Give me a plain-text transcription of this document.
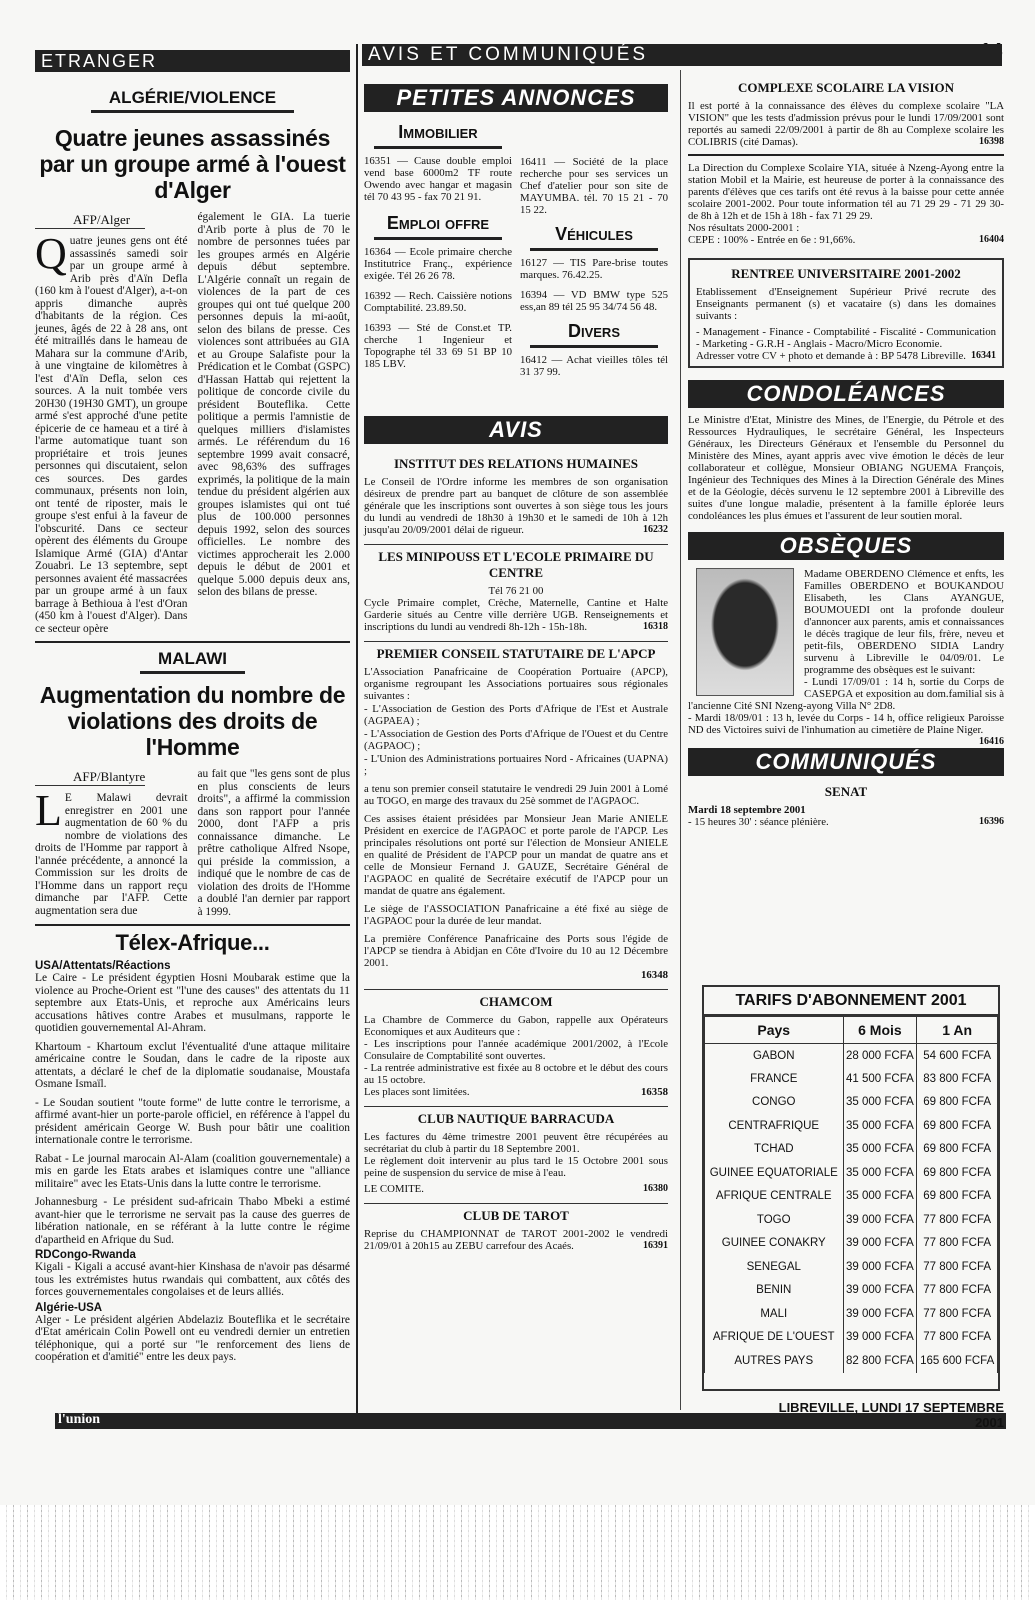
ETRANGER
ALGÉRIE/VIOLENCE
Quatre jeunes assassinés par un groupe armé à l'ouest d'Alger
AFP/Alger

Quatre jeunes gens ont été assassinés samedi soir par un groupe armé à Arib près d'Aïn Defla (160 km à l'ouest d'Alger), a-t-on appris dimanche auprès d'habitants de la région. Ces jeunes, âgés de 22 à 28 ans, ont été mitraillés dans le hameau de Mahara sur la commune d'Arib, à une vingtaine de kilomètres à l'est d'Aïn Defla, selon ces sources. A la nuit tombée vers 20H30 (19H30 GMT), un groupe armé s'est approché d'une petite épicerie de ce hameau et a tiré à l'arme automatique tuant son propriétaire et trois jeunes personnes qui discutaient, selon ces sources. Des gardes communaux, présents non loin, ont tenté de riposter, mais le groupe s'est enfui à la faveur de l'obscurité. Dans ce secteur opèrent des éléments du Groupe Islamique Armé (GIA) d'Antar Zouabri. Le 13 septembre, sept personnes avaient été massacrées par un groupe armé à un faux barrage à Bethioua à l'est d'Oran (450 km à l'ouest d'Alger). Dans ce secteur opère

également le GIA. La tuerie d'Arib porte à plus de 70 le nombre de personnes tuées par les groupes armés en Algérie depuis début septembre. L'Algérie connaît un regain de violences de la part de ces groupes qui ont tué quelque 200 personnes depuis la mi-août, selon des bilans de presse. Ces violences sont attribuées au GIA et au Groupe Salafiste pour la Prédication et le Combat (GSPC) d'Hassan Hattab qui rejettent la politique de concorde civile du président Bouteflika. Cette politique a permis l'amnistie de quelques milliers d'islamistes armés. Le référendum du 16 septembre 1999 avait consacré, avec 98,63% des suffrages exprimés, la politique de la main tendue du président algérien aux groupes islamistes qui ont tué plus de 100.000 personnes depuis 1992, selon des sources officielles. Le nombre des victimes approcherait les 2.000 depuis le début de 2001 et quelque 5.000 depuis deux ans, selon des bilans de presse.

MALAWI
Augmentation du nombre de violations des droits de l'Homme
AFP/Blantyre

L E Malawi devrait enregistrer en 2001 une augmentation de 60 % du nombre de violations des droits de l'Homme par rapport à l'année précédente, a annoncé la Commission sur les droits de l'Homme dans un rapport reçu dimanche par l'AFP. Cette augmentation sera due

au fait que "les gens sont de plus en plus conscients de leurs droits", a affirmé la commission dans son rapport pour l'année 2000, dont l'AFP a pris connaissance dimanche. Le prêtre catholique Alfred Nsope, qui préside la commission, a indiqué que le nombre de cas de violation des droits de l'Homme a doublé l'an dernier par rapport à 1999.

Télex-Afrique...
USA/Attentats/Réactions

Le Caire - Le président égyptien Hosni Moubarak estime que la violence au Proche-Orient est "l'une des causes" des attentats du 11 septembre aux Etats-Unis, et reproche aux Américains leurs accusations hâtives contre Arabes et musulmans, rapporte le quotidien gouvernemental Al-Ahram.

Khartoum - Khartoum exclut l'éventualité d'une attaque militaire américaine contre le Soudan, dans le cadre de la riposte aux attentats, a déclaré le chef de la diplomatie soudanaise, Moustafa Osmane Ismaïl.

- Le Soudan soutient "toute forme" de lutte contre le terrorisme, a affirmé avant-hier un porte-parole officiel, en référence à l'appel du président américain George W. Bush pour bâtir une coalition internationale contre le terrorisme.

Rabat - Le journal marocain Al-Alam (coalition gouvernementale) a mis en garde les Etats arabes et islamiques contre une "alliance militaire" avec les Etats-Unis dans la lutte contre le terrorisme.

Johannesburg - Le président sud-africain Thabo Mbeki a estimé avant-hier que le terrorisme ne servait pas la cause des guerres de libération nationale, en se référant à la lutte contre le régime d'apartheid en Afrique du Sud.

RDCongo-Rwanda

Kigali - Kigali a accusé avant-hier Kinshasa de n'avoir pas désarmé tous les extrémistes hutus rwandais qui combattent, aux côtés des forces gouvernementales congolaises et de leurs alliés.

Algérie-USA

Alger - Le président algérien Abdelaziz Bouteflika et le secrétaire d'Etat américain Colin Powell ont eu vendredi dernier un entretien téléphonique, qui a porté sur "le renforcement des liens de coopération et d'amitié" entre les deux pays.

AVIS ET COMMUNIQUÉS
PETITES ANNONCES
Immobilier

16351 — Cause double emploi vend base 6000m2 TF route Owendo avec hangar et magasin tél 70 43 95 - fax 70 21 91.

Emploi offre

16364 — Ecole primaire cherche Institutrice Franç., expérience exigée. Tél 26 26 78.

16392 — Rech. Caissière notions Comptabilité. 23.89.50.

16393 — Sté de Const.et TP. cherche 1 Ingenieur et Topographe tél 33 69 51 BP 10 185 LBV.

16411 — Société de la place recherche pour ses services un Chef d'atelier pour son site de MAYUMBA. tél. 70 15 21 - 70 15 22.

Véhicules

16127 — TIS Pare-brise toutes marques. 76.42.25.

16394 — VD BMW type 525 ess,an 89 tél 25 95 34/74 56 48.

Divers

16412 — Achat vieilles tôles tél 31 37 99.

AVIS
INSTITUT DES RELATIONS HUMAINES

Le Conseil de l'Ordre informe les membres de son organisation désireux de prendre part au banquet de clôture de son assemblée générale que les inscriptions sont ouvertes à son siège tous les jours du lundi au vendredi de 18h30 à 19h30 et le samedi de 10h à 12h jusqu'au 20/09/2001 délai de rigueur.	16232

LES MINIPOUSS ET L'ECOLE PRIMAIRE DU CENTRE
Tél 76 21 00

Cycle Primaire complet, Crèche, Maternelle, Cantine et Halte Garderie situés au Centre ville derrière UGB. Renseignements et inscriptions du lundi au vendredi 8h-12h - 15h-18h.	16318

PREMIER CONSEIL STATUTAIRE DE L'APCP

L'Association Panafricaine de Coopération Portuaire (APCP), organisme regroupant les Associations portuaires sous régionales suivantes :

- L'Association de Gestion des Ports d'Afrique de l'Est et Australe (AGPAEA) ;

- L'Association de Gestion des Ports d'Afrique de l'Ouest et du Centre (AGPAOC) ;

- L'Union des Administrations portuaires Nord - Africaines (UAPNA) ;

a tenu son premier conseil statutaire le vendredi 29 Juin 2001 à Lomé au TOGO, en marge des travaux du 25è sommet de l'AGPAOC.

Ces assises étaient présidées par Monsieur Jean Marie ANIELE Président en exercice de l'AGPAOC et porte parole de l'APCP. Les principales résolutions ont porté sur l'élection de Monsieur ANIELE en qualité de Président de l'APCP pour un mandat de quatre ans et celle de Monsieur Fernand J. GAUZE, Secrétaire Général de l'AGPAOC en qualité de Secrétaire exécutif de l'APCP pour un mandat de quatre ans également.

Le siège de l'ASSOCIATION Panafricaine a été fixé au siège de l'AGPAOC pour la durée de leur mandat.

La première Conférence Panafricaine des Ports sous l'égide de l'APCP se tiendra à Abidjan en Côte d'Ivoire du 10 au 12 Décembre 2001.

16348
CHAMCOM

La Chambre de Commerce du Gabon, rappelle aux Opérateurs Economiques et aux Auditeurs que :

- Les inscriptions pour l'année académique 2001/2002, à l'Ecole Consulaire de Comptabilité sont ouvertes.

- La rentrée administrative est fixée au 8 octobre et le début des cours au 15 octobre.

Les places sont limitées.	16358
CLUB NAUTIQUE BARRACUDA

Les factures du 4ème trimestre 2001 peuvent être récupérées au secrétariat du club à partir du 18 Septembre 2001.

Le règlement doit intervenir au plus tard le 15 Octobre 2001 sous peine de suspension du service de mise à l'eau.

LE COMITE.	16380
CLUB DE TAROT

Reprise du CHAMPIONNAT de TAROT 2001-2002 le vendredi 21/09/01 à 20h15 au ZEBU carrefour des Acaés.	16391

COMPLEXE SCOLAIRE LA VISION

Il est porté à la connaissance des élèves du complexe scolaire "LA VISION" que les tests d'admission prévus pour le lundi 17/09/2001 sont reportés au samedi 22/09/2001 à partir de 8h au Complexe scolaire les COLIBRIS (cité Damas).	16398

La Direction du Complexe Scolaire YIA, située à Nzeng-Ayong entre la station Mobil et la Mairie, est heureuse de porter à la connaissance des parents d'élèves que ces tarifs ont été revus à la baisse pour cette année scolaire 2001-2002. Pour toute information tél au 71 29 29 - 71 29 30- de 8h à 12h et de 15h à 18h - fax 71 29 29.

Nos résultats 2000-2001 :

CEPE : 100% - Entrée en 6e : 91,66%.	16404

RENTREE UNIVERSITAIRE 2001-2002

Etablissement d'Enseignement Supérieur Privé recrute des Enseignants permanent (s) et vacataire (s) dans les domaines suivants :

- Management - Finance - Comptabilité - Fiscalité - Communication - Marketing - G.R.H - Anglais - Macro/Micro Economie.

Adresser votre CV + photo et demande à : BP 5478 Libreville. 16341

CONDOLÉANCES

Le Ministre d'Etat, Ministre des Mines, de l'Energie, du Pétrole et des Ressources Hydrauliques, le secrétaire Général, les Inspecteurs Généraux, les Directeurs Généraux et l'ensemble du Personnel du Ministère des Mines, ayant appris avec vive émotion le décès de leur collaborateur et collègue, Monsieur OBIANG NGUEMA François, Ingénieur des Techniques des Mines à la Direction Générale des Mines et de la Géologie, décès survenu le 12 septembre 2001 à Libreville des suites d'une longue maladie, présentent à la famille éplorée leurs condoléances les plus émues et l'assurent de leur soutien moral.

OBSÈQUES

Madame OBERDENO Clémence et enfts, les Familles OBERDENO et BOUKANDOU Elisabeth, les Clans AYANGUE, BOUMOUEDI ont la profonde douleur d'annoncer aux parents, amis et connaissances le décès tragique de leur fils, frère, neveu et petit-fils, OBERDENO SIDIA Landry survenu à Libreville le 04/09/01. Le programme des obsèques est le suivant:

- Lundi 17/09/01 : 14 h, sortie du Corps de CASEPGA et exposition au dom.familial sis à l'ancienne Cité SNI Nzeng-ayong Villa N° 2D8.

- Mardi 18/09/01 : 13 h, levée du Corps - 14 h, office religieux Paroisse ND des Victoires suivi de l'inhumation au cimetière de Plaine Niger.
16416

COMMUNIQUÉS
SENAT

Mardi 18 septembre 2001

- 15 heures 30' : séance plénière.	16396

TARIFS D'ABONNEMENT 2001
Pays	6 Mois	1 An
GABON	28 000 FCFA	54 600 FCFA
FRANCE	41 500 FCFA	83 800 FCFA
CONGO	35 000 FCFA	69 800 FCFA
CENTRAFRIQUE	35 000 FCFA	69 800 FCFA
TCHAD	35 000 FCFA	69 800 FCFA
GUINEE EQUATORIALE	35 000 FCFA	69 800 FCFA
AFRIQUE CENTRALE	35 000 FCFA	69 800 FCFA
TOGO	39 000 FCFA	77 800 FCFA
GUINEE CONAKRY	39 000 FCFA	77 800 FCFA
SENEGAL	39 000 FCFA	77 800 FCFA
BENIN	39 000 FCFA	77 800 FCFA
MALI	39 000 FCFA	77 800 FCFA
AFRIQUE DE L'OUEST	39 000 FCFA	77 800 FCFA
AUTRES PAYS	82 800 FCFA	165 600 FCFA
l'union
LIBREVILLE, LUNDI 17 SEPTEMBRE 2001
